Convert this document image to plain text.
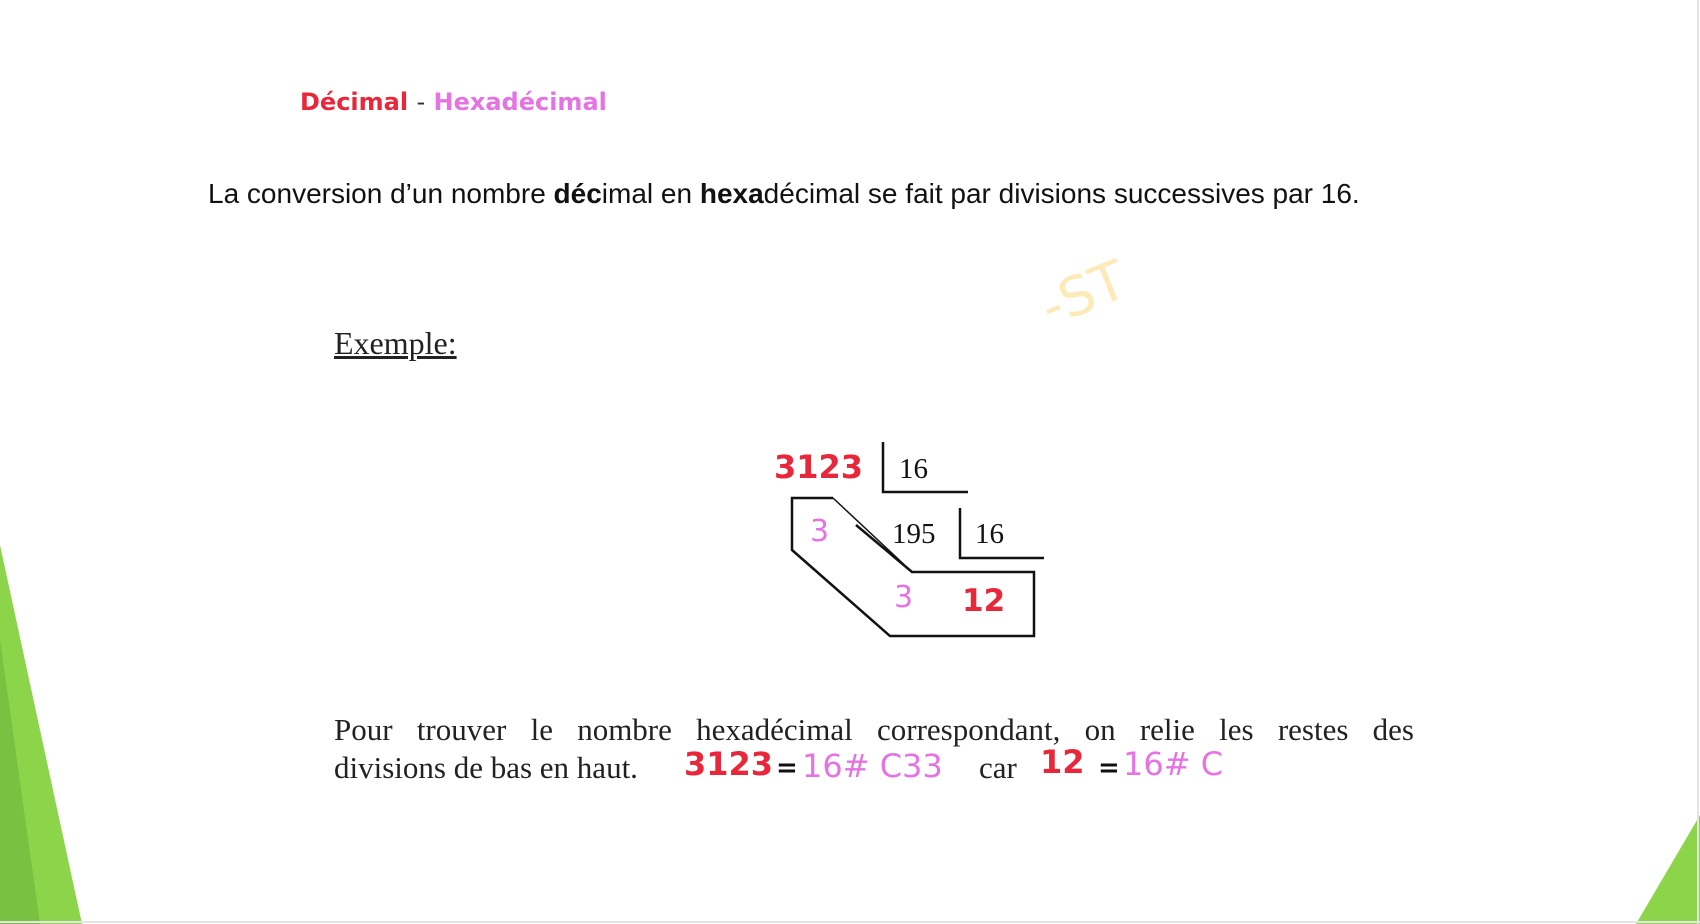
-ST
Décimal - Hexadécimal
La conversion d’un nombre décimal en hexadécimal se fait par divisions successives par 16.
Exemple:
3123 16
3 195 16
3 12
Pour trouver le nombre hexadécimal correspondant, on relie les restes des
divisions de bas en haut. 3123 = 16# C33 car 12 = 16# C
